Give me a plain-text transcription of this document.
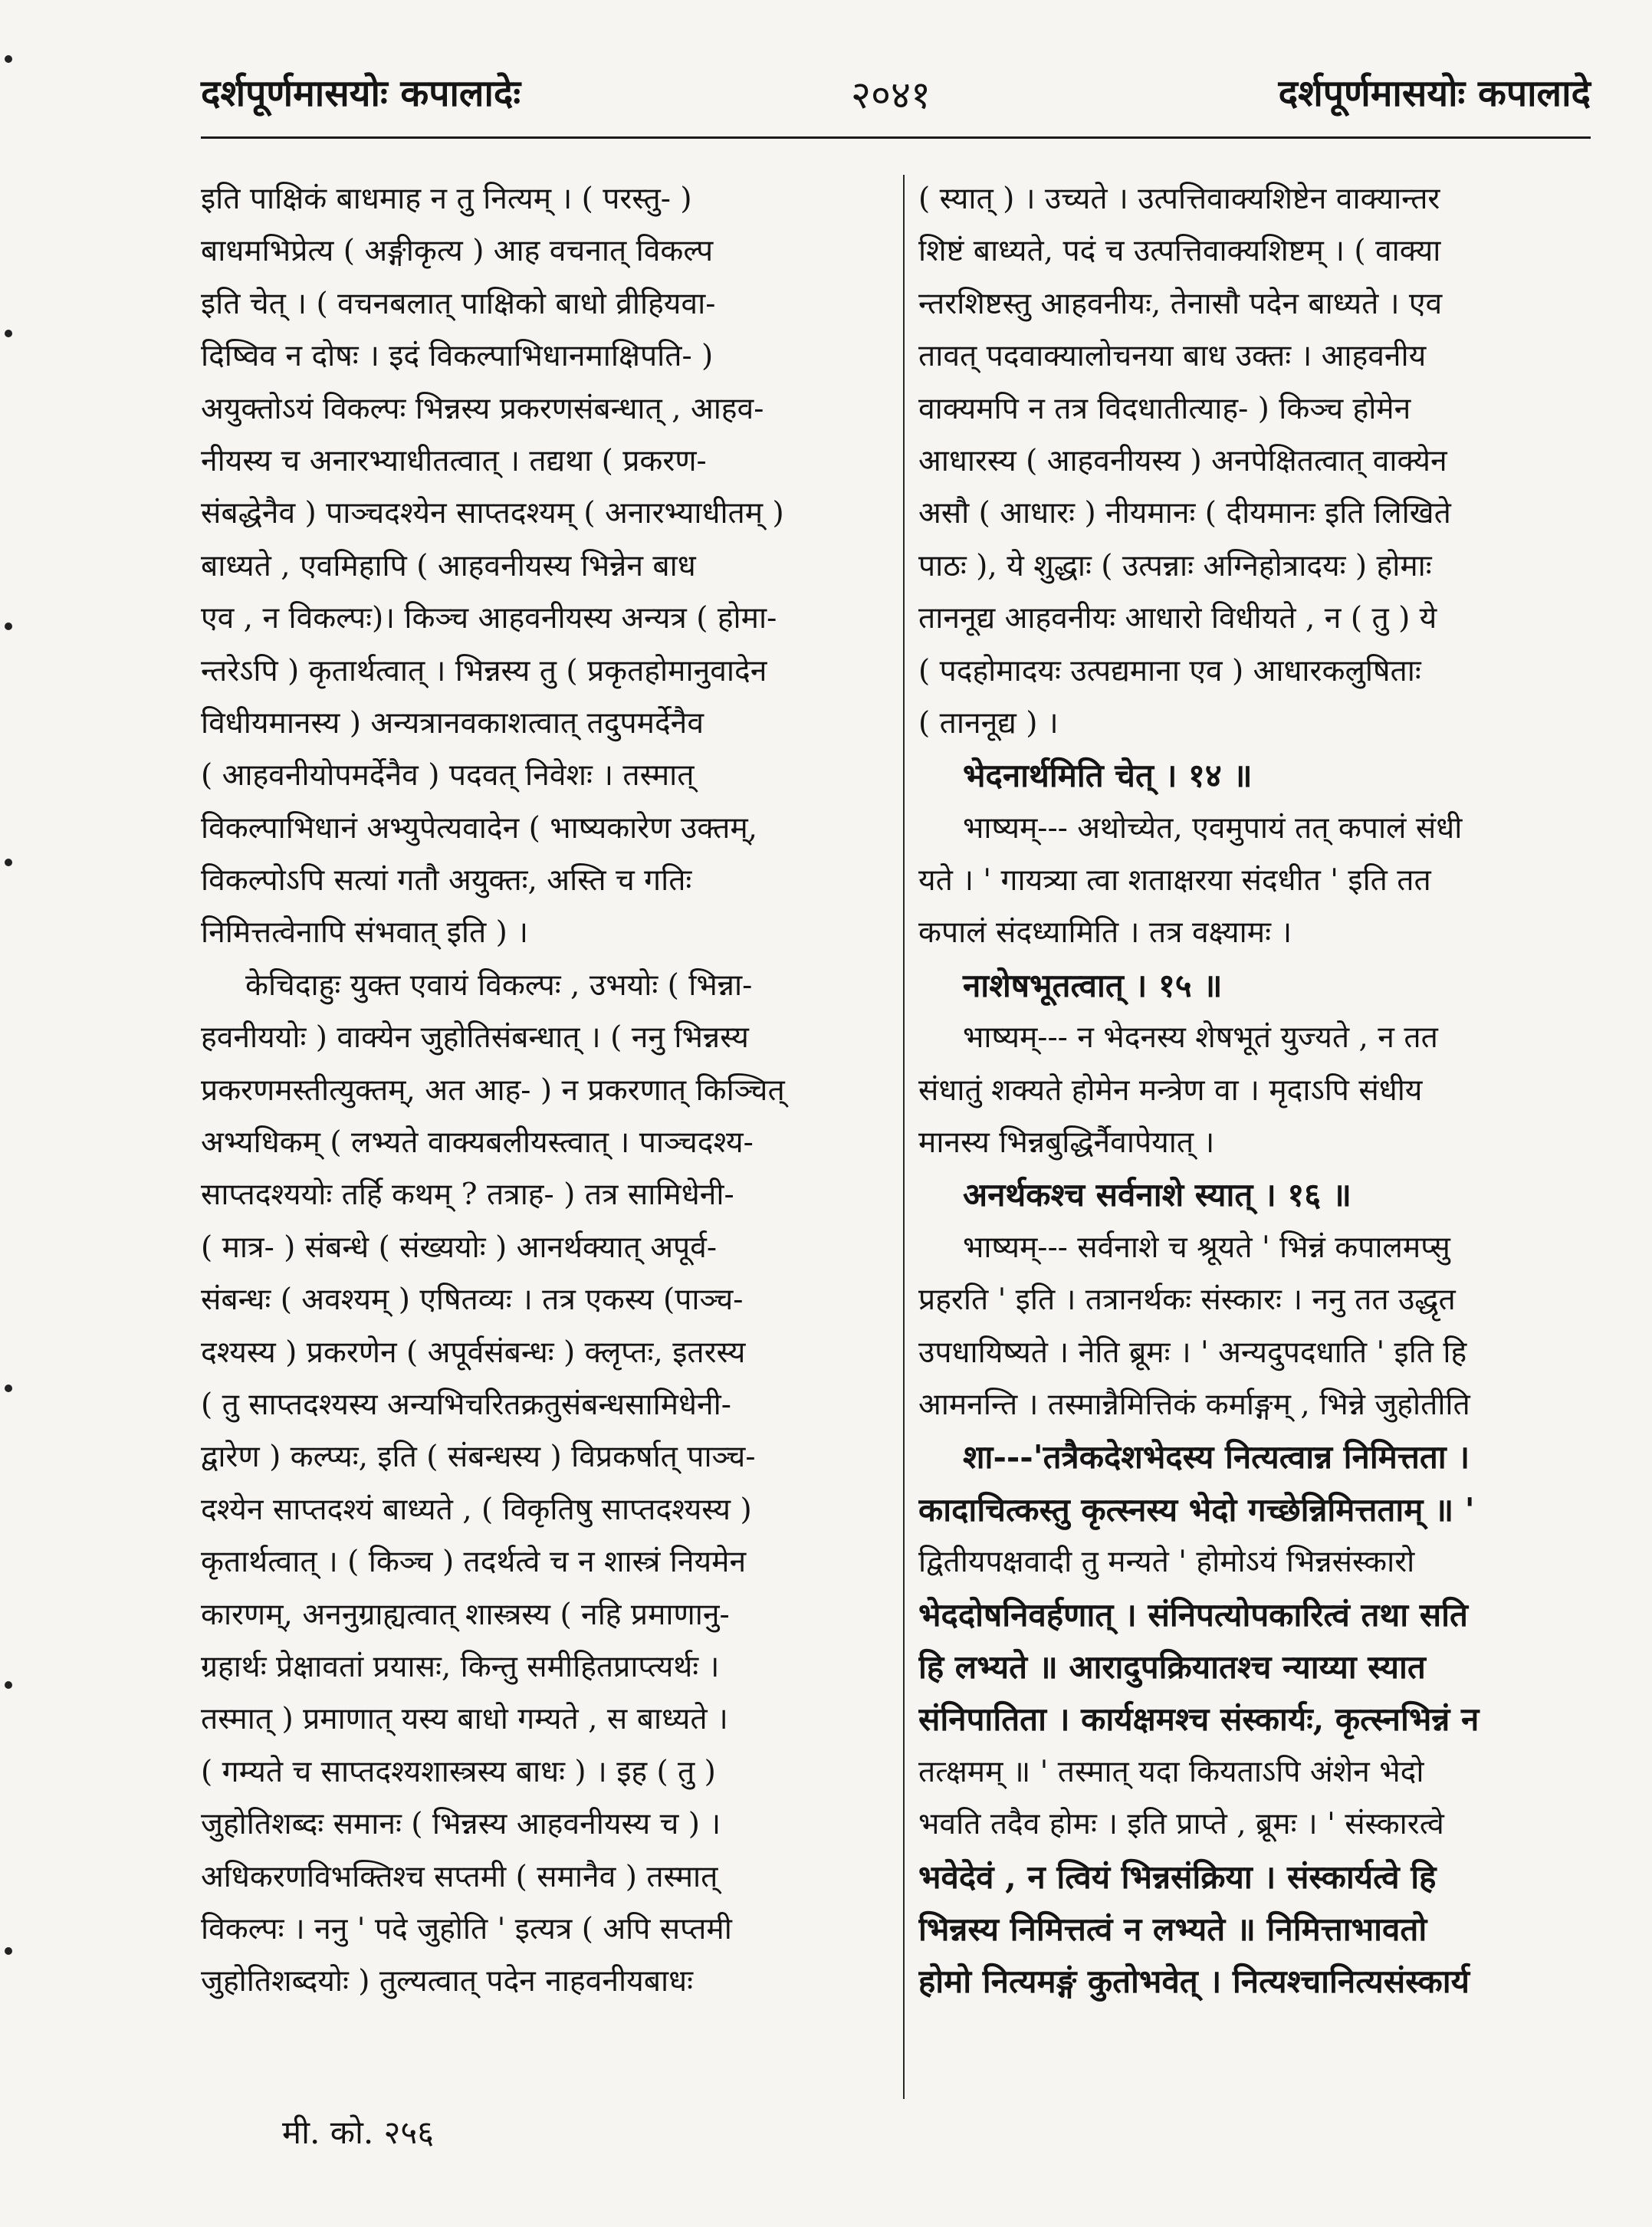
दर्शपूर्णमासयोः कपालादेः	२०४१	दर्शपूर्णमासयोः कपालादे
इति पाक्षिकं बाधमाह न तु नित्यम् । ( परस्तु- )
बाधमभिप्रेत्य ( अङ्गीकृत्य ) आह वचनात् विकल्प
इति चेत् । ( वचनबलात् पाक्षिको बाधो व्रीहियवा-
दिष्विव न दोषः । इदं विकल्पाभिधानमाक्षिपति- )
अयुक्तोऽयं विकल्पः भिन्नस्य प्रकरणसंबन्धात् , आहव-
नीयस्य च अनारभ्याधीतत्वात् । तद्यथा ( प्रकरण-
संबद्धेनैव ) पाञ्चदश्येन साप्तदश्यम् ( अनारभ्याधीतम् )
बाध्यते , एवमिहापि ( आहवनीयस्य भिन्नेन बाध
एव , न विकल्पः)। किञ्च आहवनीयस्य अन्यत्र ( होमा-
न्तरेऽपि ) कृतार्थत्वात् । भिन्नस्य तु ( प्रकृतहोमानुवादेन
विधीयमानस्य ) अन्यत्रानवकाशत्वात् तदुपमर्देनैव
( आहवनीयोपमर्देनैव ) पदवत् निवेशः । तस्मात्
विकल्पाभिधानं अभ्युपेत्यवादेन ( भाष्यकारेण उक्तम्,
विकल्पोऽपि सत्यां गतौ अयुक्तः, अस्ति च गतिः
निमित्तत्वेनापि संभवात् इति ) ।
केचिदाहुः युक्त एवायं विकल्पः , उभयोः ( भिन्ना-
हवनीययोः ) वाक्येन जुहोतिसंबन्धात् । ( ननु भिन्नस्य
प्रकरणमस्तीत्युक्तम्, अत आह- ) न प्रकरणात् किञ्चित्
अभ्यधिकम् ( लभ्यते वाक्यबलीयस्त्वात् । पाञ्चदश्य-
साप्तदश्ययोः तर्हि कथम् ? तत्राह- ) तत्र सामिधेनी-
( मात्र- ) संबन्धे ( संख्ययोः ) आनर्थक्यात् अपूर्व-
संबन्धः ( अवश्यम् ) एषितव्यः । तत्र एकस्य (पाञ्च-
दश्यस्य ) प्रकरणेन ( अपूर्वसंबन्धः ) क्लृप्तः, इतरस्य
( तु साप्तदश्यस्य अन्यभिचरितक्रतुसंबन्धसामिधेनी-
द्वारेण ) कल्प्यः, इति ( संबन्धस्य ) विप्रकर्षात् पाञ्च-
दश्येन साप्तदश्यं बाध्यते , ( विकृतिषु साप्तदश्यस्य )
कृतार्थत्वात् । ( किञ्च ) तदर्थत्वे च न शास्त्रं नियमेन
कारणम्, अननुग्राह्यत्वात् शास्त्रस्य ( नहि प्रमाणानु-
ग्रहार्थः प्रेक्षावतां प्रयासः, किन्तु समीहितप्राप्त्यर्थः ।
तस्मात् ) प्रमाणात् यस्य बाधो गम्यते , स बाध्यते ।
( गम्यते च साप्तदश्यशास्त्रस्य बाधः ) । इह ( तु )
जुहोतिशब्दः समानः ( भिन्नस्य आहवनीयस्य च ) ।
अधिकरणविभक्तिश्च सप्तमी ( समानैव ) तस्मात्
विकल्पः । ननु ' पदे जुहोति ' इत्यत्र ( अपि सप्तमी
जुहोतिशब्दयोः ) तुल्यत्वात् पदेन नाहवनीयबाधः
( स्यात् ) । उच्यते । उत्पत्तिवाक्यशिष्टेन वाक्यान्तर
शिष्टं बाध्यते, पदं च उत्पत्तिवाक्यशिष्टम् । ( वाक्या
न्तरशिष्टस्तु आहवनीयः, तेनासौ पदेन बाध्यते । एव
तावत् पदवाक्यालोचनया बाध उक्तः । आहवनीय
वाक्यमपि न तत्र विदधातीत्याह- ) किञ्च होमेन
आधारस्य ( आहवनीयस्य ) अनपेक्षितत्वात् वाक्येन
असौ ( आधारः ) नीयमानः ( दीयमानः इति लिखिते
पाठः ), ये शुद्धाः ( उत्पन्नाः अग्निहोत्रादयः ) होमाः
ताननूद्य आहवनीयः आधारो विधीयते , न ( तु ) ये
( पदहोमादयः उत्पद्यमाना एव ) आधारकलुषिताः
( ताननूद्य ) ।
भेदनार्थमिति चेत् । १४ ॥
भाष्यम्--- अथोच्येत, एवमुपायं तत् कपालं संधी
यते । ' गायत्र्या त्वा शताक्षरया संदधीत ' इति तत
कपालं संदध्यामिति । तत्र वक्ष्यामः ।
नाशेषभूतत्वात् । १५ ॥
भाष्यम्--- न भेदनस्य शेषभूतं युज्यते , न तत
संधातुं शक्यते होमेन मन्त्रेण वा । मृदाऽपि संधीय
मानस्य भिन्नबुद्धिर्नैवापेयात् ।
अनर्थकश्च सर्वनाशे स्यात् । १६ ॥
भाष्यम्--- सर्वनाशे च श्रूयते ' भिन्नं कपालमप्सु
प्रहरति ' इति । तत्रानर्थकः संस्कारः । ननु तत उद्धृत
उपधायिष्यते । नेति ब्रूमः । ' अन्यदुपदधाति ' इति हि
आमनन्ति । तस्मान्नैमित्तिकं कर्माङ्गम् , भिन्ने जुहोतीति
शा---'तत्रैकदेशभेदस्य नित्यत्वान्न निमित्तता ।
कादाचित्कस्तु कृत्स्नस्य भेदो गच्छेन्निमित्तताम् ॥ '
द्वितीयपक्षवादी तु मन्यते ' होमोऽयं भिन्नसंस्कारो
भेददोषनिवर्हणात् । संनिपत्योपकारित्वं तथा सति
हि लभ्यते ॥ आरादुपक्रियातश्च न्याय्या स्यात
संनिपातिता । कार्यक्षमश्च संस्कार्यः, कृत्स्नभिन्नं न
तत्क्षमम् ॥ ' तस्मात् यदा कियताऽपि अंशेन भेदो
भवति तदैव होमः । इति प्राप्ते , ब्रूमः । ' संस्कारत्वे
भवेदेवं , न त्वियं भिन्नसंक्रिया । संस्कार्यत्वे हि
भिन्नस्य निमित्तत्वं न लभ्यते ॥ निमित्ताभावतो
होमो नित्यमङ्गं कुतोभवेत् । नित्यश्चानित्यसंस्कार्य
मी. को. २५६
